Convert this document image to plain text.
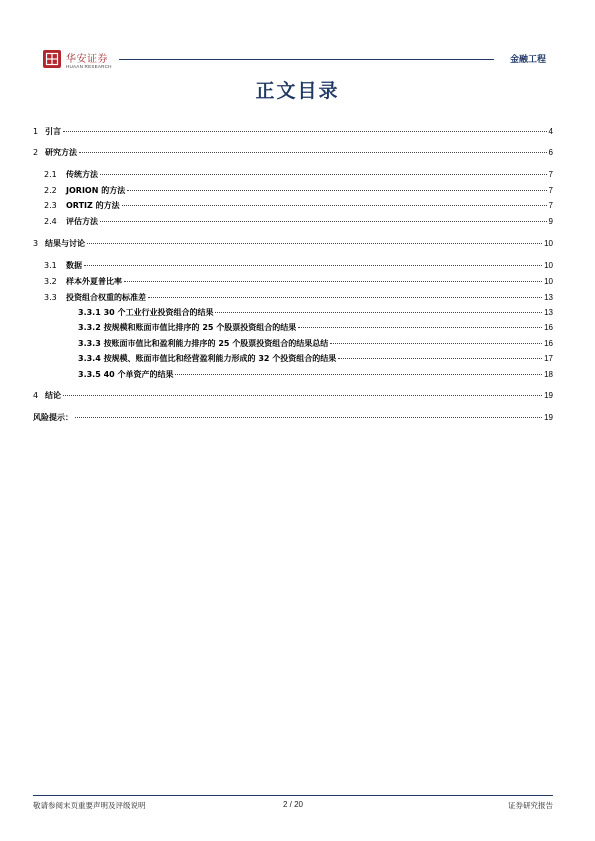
华安证券
HUAAN RESEARCH
金融工程
正文目录
1 引言	4
2 研究方法	6
2.1	传统方法	7
2.2	JORION 的方法	7
2.3	ORTIZ 的方法	7
2.4	评估方法	9
3 结果与讨论	10
3.1	数据	10
3.2	样本外夏普比率	10
3.3	投资组合权重的标准差	13
3.3.1 30 个工业行业投资组合的结果	13
3.3.2 按规模和账面市值比排序的 25 个股票投资组合的结果	16
3.3.3 按账面市值比和盈利能力排序的 25 个股票投资组合的结果总结	16
3.3.4 按规模、账面市值比和经营盈利能力形成的 32 个投资组合的结果	17
3.3.5 40 个单资产的结果	18
4 结论	19
风险提示：	19
敬请参阅末页重要声明及评级说明	2 / 20	证券研究报告
